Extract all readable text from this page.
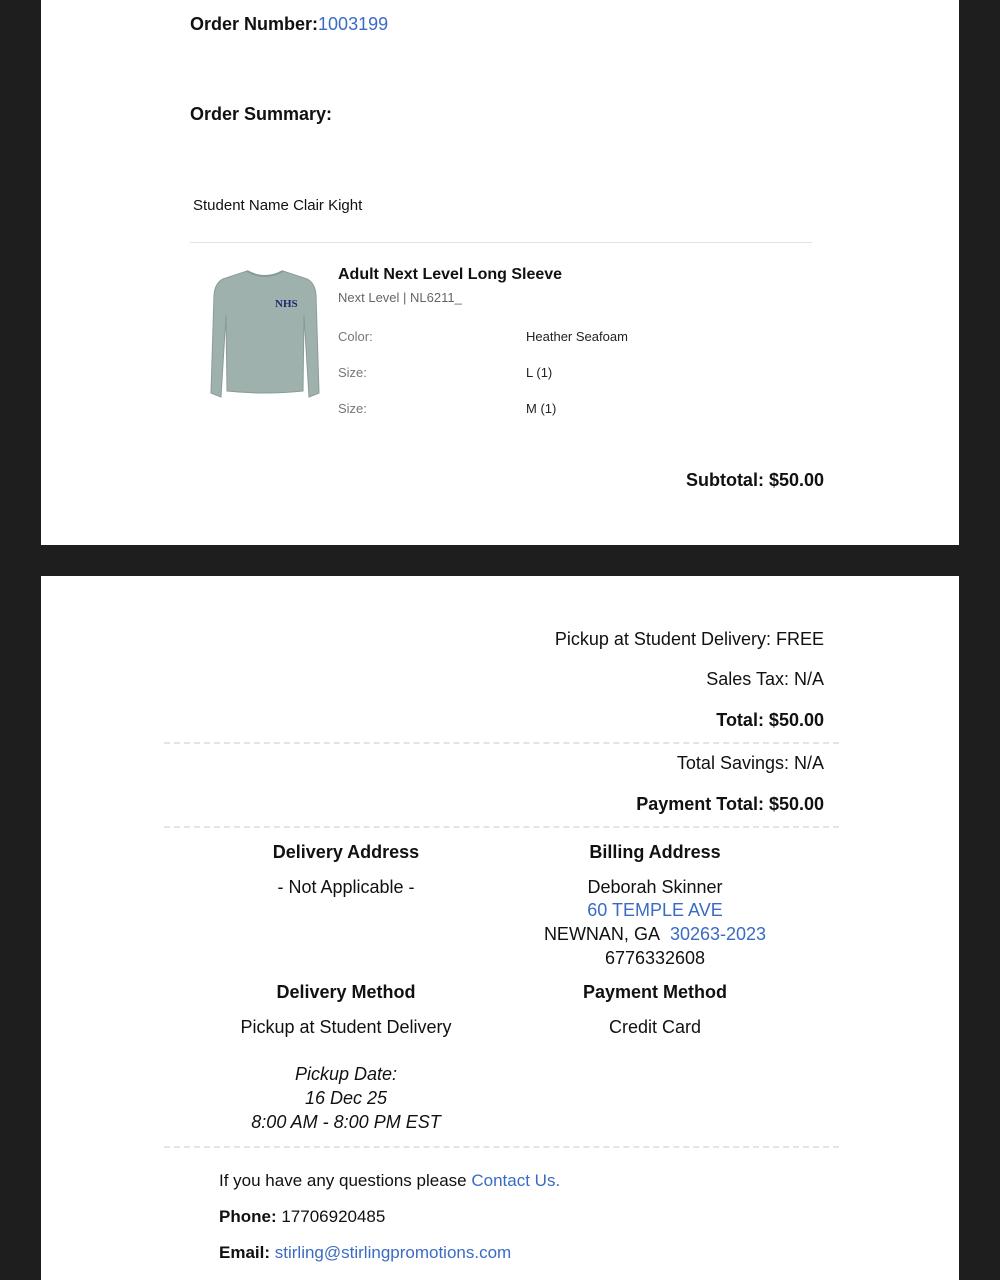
Order Number:1003199
Order Summary:
Student Name Clair Kight
NHS
Adult Next Level Long Sleeve
Next Level | NL6211_
Color:	Heather Seafoam
Size:	L (1)
Size:	M (1)
Subtotal: $50.00
Pickup at Student Delivery: FREE
Sales Tax: N/A
Total: $50.00
Total Savings: N/A
Payment Total: $50.00
Delivery Address
- Not Applicable -
Billing Address
Deborah Skinner
60 TEMPLE AVE
NEWNAN, GA 30263-2023
6776332608
Delivery Method
Pickup at Student Delivery
Pickup Date:
16 Dec 25
8:00 AM - 8:00 PM EST
Payment Method
Credit Card
If you have any questions please Contact Us.
Phone: 17706920485
Email: stirling@stirlingpromotions.com
